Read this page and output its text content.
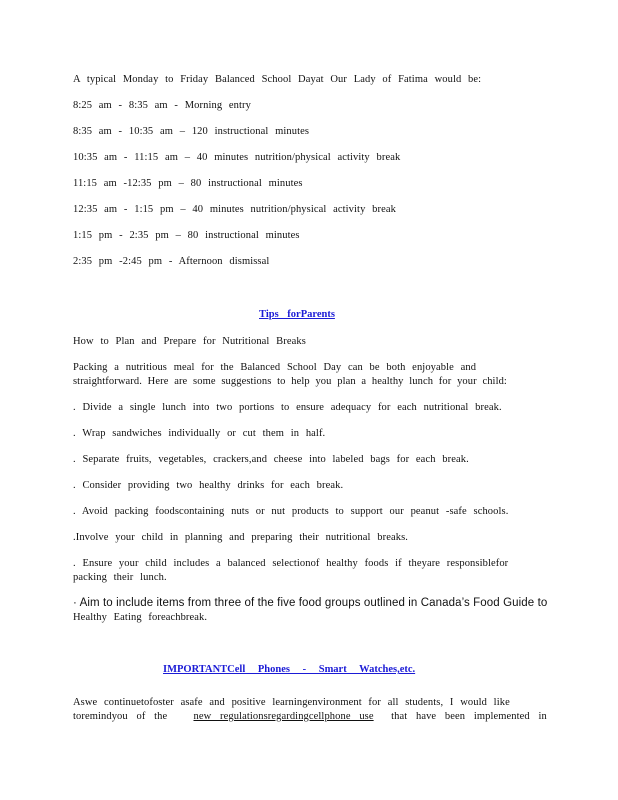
A typical Monday to Friday Balanced School Dayat Our Lady of Fatima would be:

8:25 am - 8:35 am - Morning entry

8:35 am - 10:35 am – 120 instructional minutes

10:35 am - 11:15 am – 40 minutes nutrition/physical activity break

11:15 am -12:35 pm – 80 instructional minutes

12:35 am - 1:15 pm – 40 minutes nutrition/physical activity break

1:15 pm - 2:35 pm – 80 instructional minutes

2:35 pm -2:45 pm - Afternoon dismissal

Tips forParents

How to Plan and Prepare for Nutritional Breaks

Packing a nutritious meal for the Balanced School Day can be both enjoyable and

straightforward. Here are some suggestions to help you plan a healthy lunch for your child:

. Divide a single lunch into two portions to ensure adequacy for each nutritional break.

. Wrap sandwiches individually or cut them in half.

. Separate fruits, vegetables, crackers,and cheese into labeled bags for each break.

. Consider providing two healthy drinks for each break.

. Avoid packing foodscontaining nuts or nut products to support our peanut -safe schools.

.Involve your child in planning and preparing their nutritional breaks.

. Ensure your child includes a balanced selectionof healthy foods if theyare responsiblefor

packing their lunch.

· Aim to include items from three of the five food groups outlined in Canada’s Food Guide to

Healthy Eating foreachbreak.

IMPORTANTCell Phones - Smart Watches,etc.

Aswe continuetofoster asafe and positive learningenvironment for all students, I would like

toremindyou of the new regulationsregardingcellphone use that have been implemented in
